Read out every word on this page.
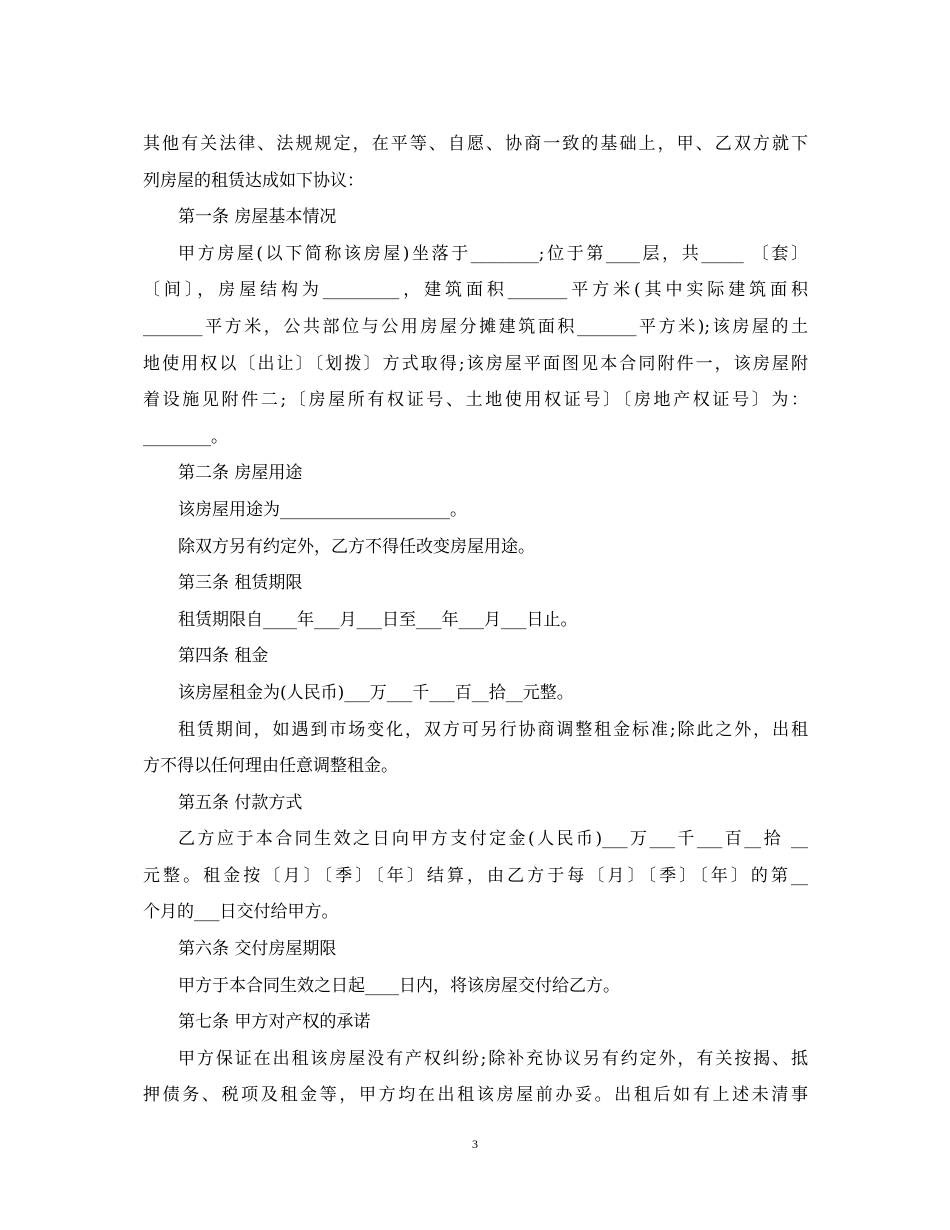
其他有关法律、法规规定，在平等、自愿、协商一致的基础上，甲、乙双方就下
列房屋的租赁达成如下协议：
第一条 房屋基本情况
甲方房屋(以下简称该房屋)坐落于________;位于第____层，共_____ 〔套〕
〔间〕，房屋结构为_________，建筑面积_______平方米(其中实际建筑面积
_______平方米，公共部位与公用房屋分摊建筑面积_______平方米);该房屋的土
地使用权以〔出让〕〔划拨〕方式取得;该房屋平面图见本合同附件一，该房屋附
着设施见附件二;〔房屋所有权证号、土地使用权证号〕〔房地产权证号〕为：
________。
第二条 房屋用途
该房屋用途为____________________。
除双方另有约定外，乙方不得任改变房屋用途。
第三条 租赁期限
租赁期限自____年___月___日至___年___月___日止。
第四条 租金
该房屋租金为(人民币)___万___千___百__拾__元整。
租赁期间，如遇到市场变化，双方可另行协商调整租金标准;除此之外，出租
方不得以任何理由任意调整租金。
第五条 付款方式
乙方应于本合同生效之日向甲方支付定金(人民币)___万___千___百__拾 __
元整。租金按〔月〕〔季〕〔年〕结算，由乙方于每〔月〕〔季〕〔年〕的第__
个月的___日交付给甲方。
第六条 交付房屋期限
甲方于本合同生效之日起____日内，将该房屋交付给乙方。
第七条 甲方对产权的承诺
甲方保证在出租该房屋没有产权纠纷;除补充协议另有约定外，有关按揭、抵
押债务、税项及租金等，甲方均在出租该房屋前办妥。出租后如有上述未清事
3
